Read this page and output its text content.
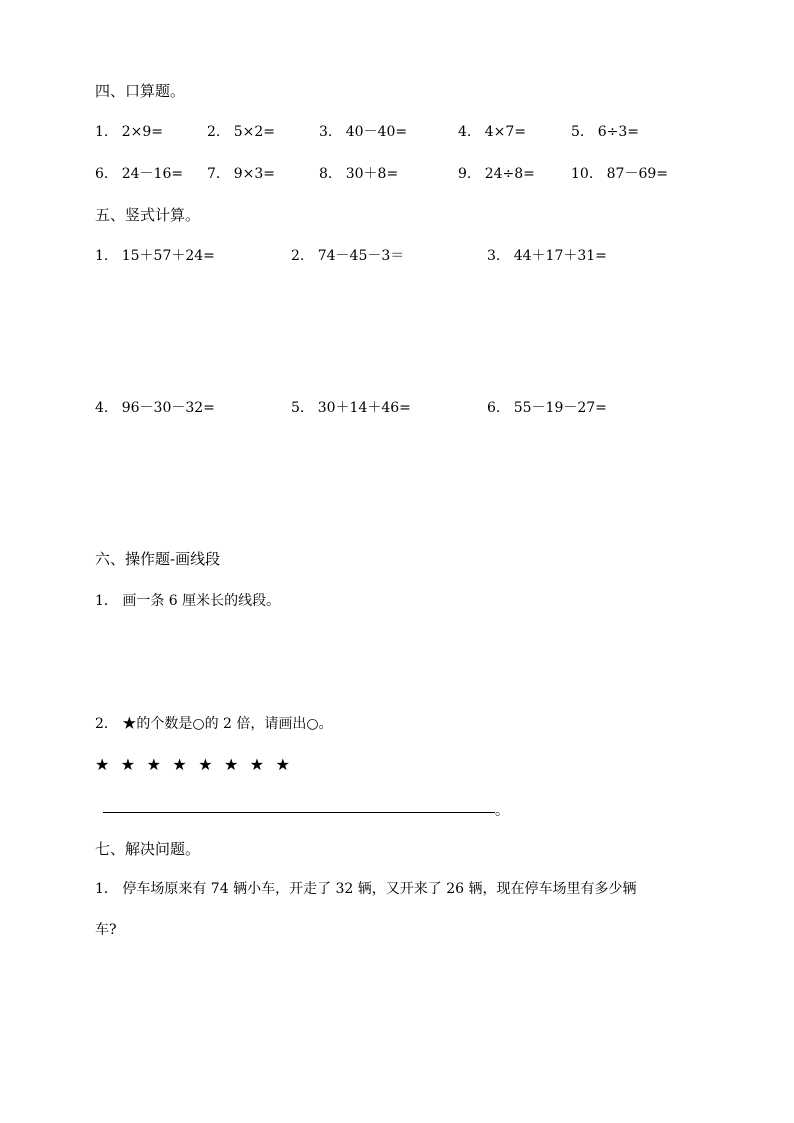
四、口算题。
1. 2×9=	2. 5×2=	3. 40－40=	4. 4×7=	5. 6÷3=
6. 24－16= 7. 9×3=	8. 30＋8=	9. 24÷8=	10. 87－69=
五、竖式计算。
1. 15＋57＋24=	2. 74－45－3＝	3. 44＋17＋31=
4. 96－30－32=	5. 30＋14＋46=	6. 55－19－27=
六、操作题-画线段
1． 画一条 6 厘米长的线段。
2． ★的个数是○的 2 倍，请画出○。
★ ★ ★ ★ ★ ★ ★ ★
。
七、解决问题。
1． 停车场原来有 74 辆小车，开走了 32 辆，又开来了 26 辆，现在停车场里有多少辆
车?
